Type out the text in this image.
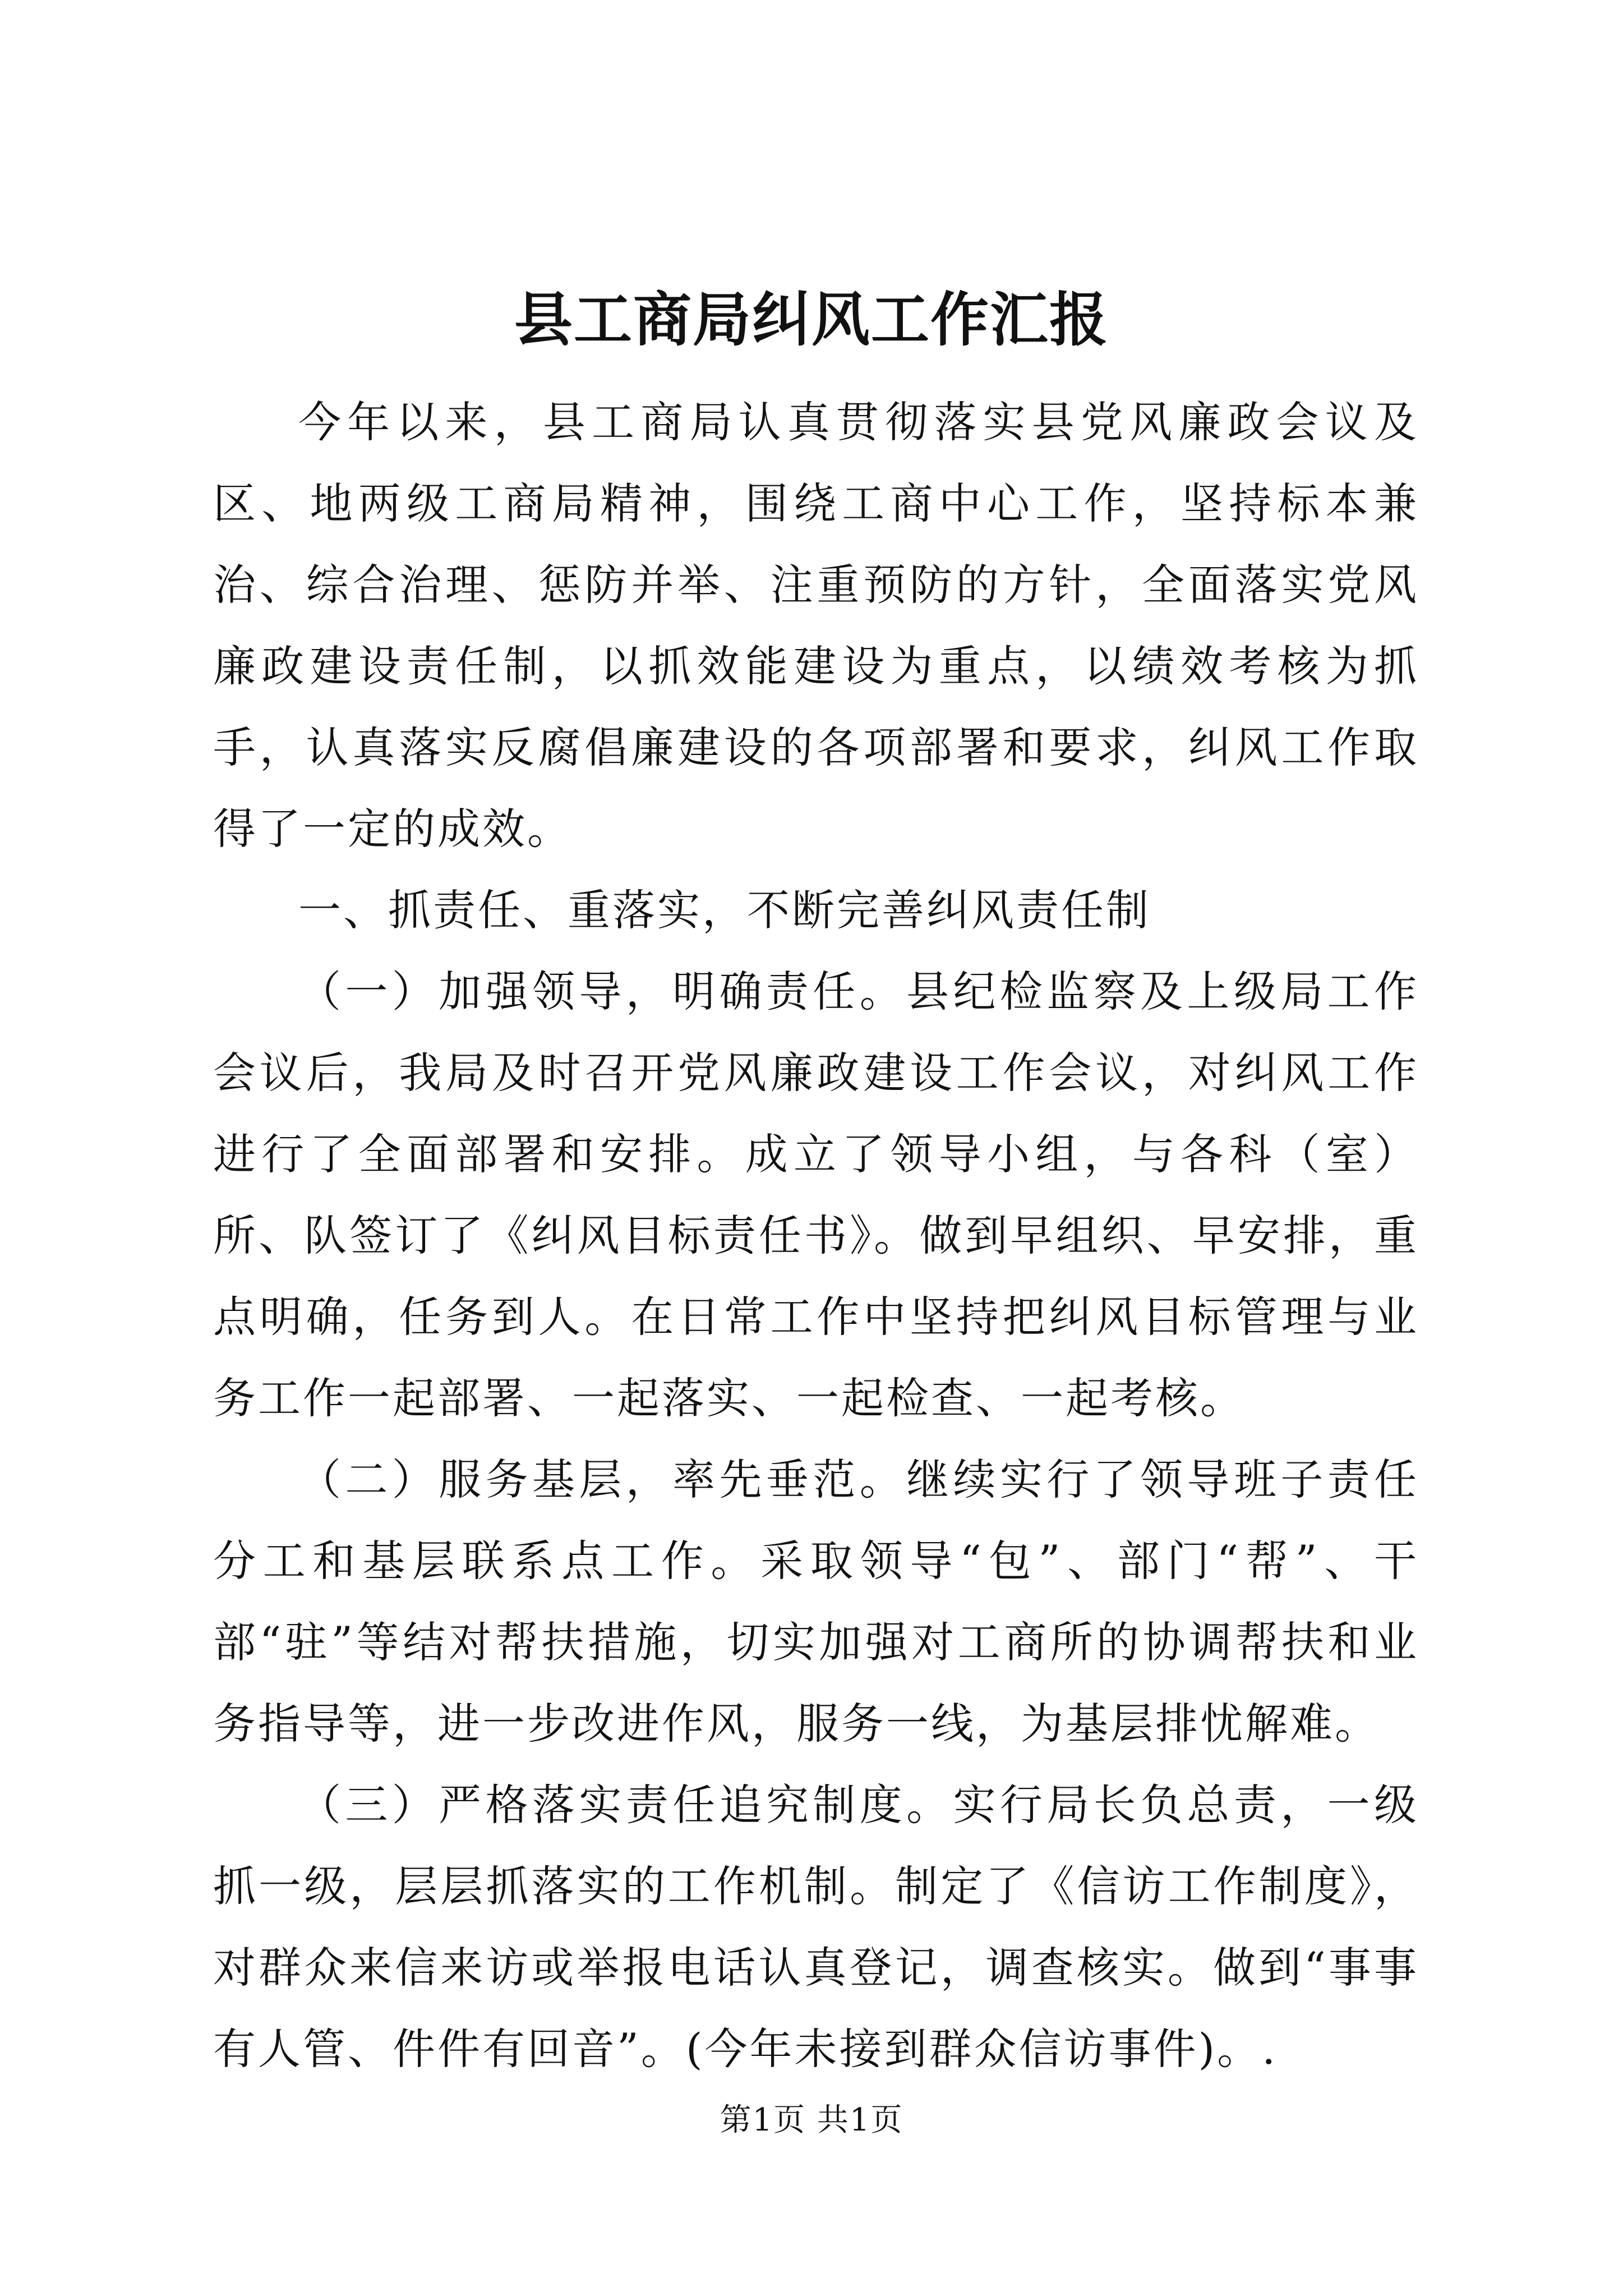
县工商局纠风工作汇报

今年以来，县工商局认真贯彻落实县党风廉政会议及区、地两级工商局精神，围绕工商中心工作，坚持标本兼治、综合治理、惩防并举、注重预防的方针，全面落实党风廉政建设责任制，以抓效能建设为重点，以绩效考核为抓手，认真落实反腐倡廉建设的各项部署和要求，纠风工作取得了一定的成效。

一、抓责任、重落实，不断完善纠风责任制

（一）加强领导，明确责任。县纪检监察及上级局工作会议后，我局及时召开党风廉政建设工作会议，对纠风工作进行了全面部署和安排。成立了领导小组，与各科（室）所、队签订了《纠风目标责任书》。做到早组织、早安排，重点明确，任务到人。在日常工作中坚持把纠风目标管理与业务工作一起部署、一起落实、一起检查、一起考核。

（二）服务基层，率先垂范。继续实行了领导班子责任分工和基层联系点工作。采取领导“包”、部门“帮”、干部“驻”等结对帮扶措施，切实加强对工商所的协调帮扶和业务指导等，进一步改进作风，服务一线，为基层排忧解难。

（三）严格落实责任追究制度。实行局长负总责，一级抓一级，层层抓落实的工作机制。制定了《信访工作制度》，对群众来信来访或举报电话认真登记，调查核实。做到“事事有人管、件件有回音”。(今年未接到群众信访事件)。.

第1页 共1页
